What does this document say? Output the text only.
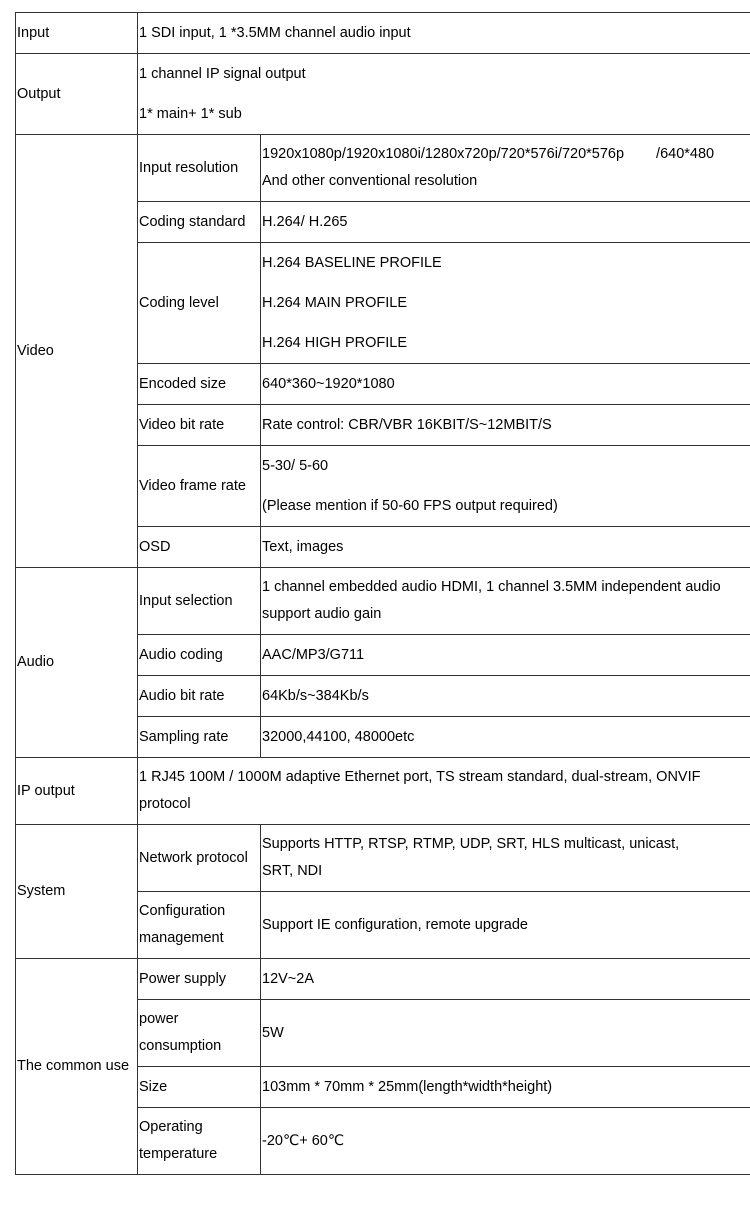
Input	1 SDI input, 1 *3.5MM channel audio input	
Output	1 channel IP signal output
1* main+ 1* sub	

Video	Input resolution	1920x1080p/1920x1080i/1280x720p/720*576i/720*576p /640*480
And other conventional resolution

	Coding standard	H.264/ H.265
	Coding level	H.264 BASELINE PROFILE
H.264 MAIN PROFILE
H.264 HIGH PROFILE

	Encoded size	640*360~1920*1080
	Video bit rate	Rate control: CBR/VBR 16KBIT/S~12MBIT/S
	Video frame rate	5-30/ 5-60
(Please mention if 50-60 FPS output required)

	OSD	Text, images
Audio	Input selection	1 channel embedded audio HDMI, 1 channel 3.5MM independent audio
support audio gain

	Audio coding	AAC/MP3/G711
	Audio bit rate	64Kb/s~384Kb/s
	Sampling rate	32000,44100, 48000etc
IP output	1 RJ45 100M / 1000M adaptive Ethernet port, TS stream standard, dual-stream, ONVIF
protocol	

System	Network protocol	Supports HTTP, RTSP, RTMP, UDP, SRT, HLS multicast, unicast,
SRT, NDI

	Configuration
management	Support IE configuration, remote upgrade
The common use	Power supply	12V~2A

	power
consumption	5W
	Size	103mm * 70mm * 25mm(length*width*height)

	Operating
temperature	-20℃+ 60℃
